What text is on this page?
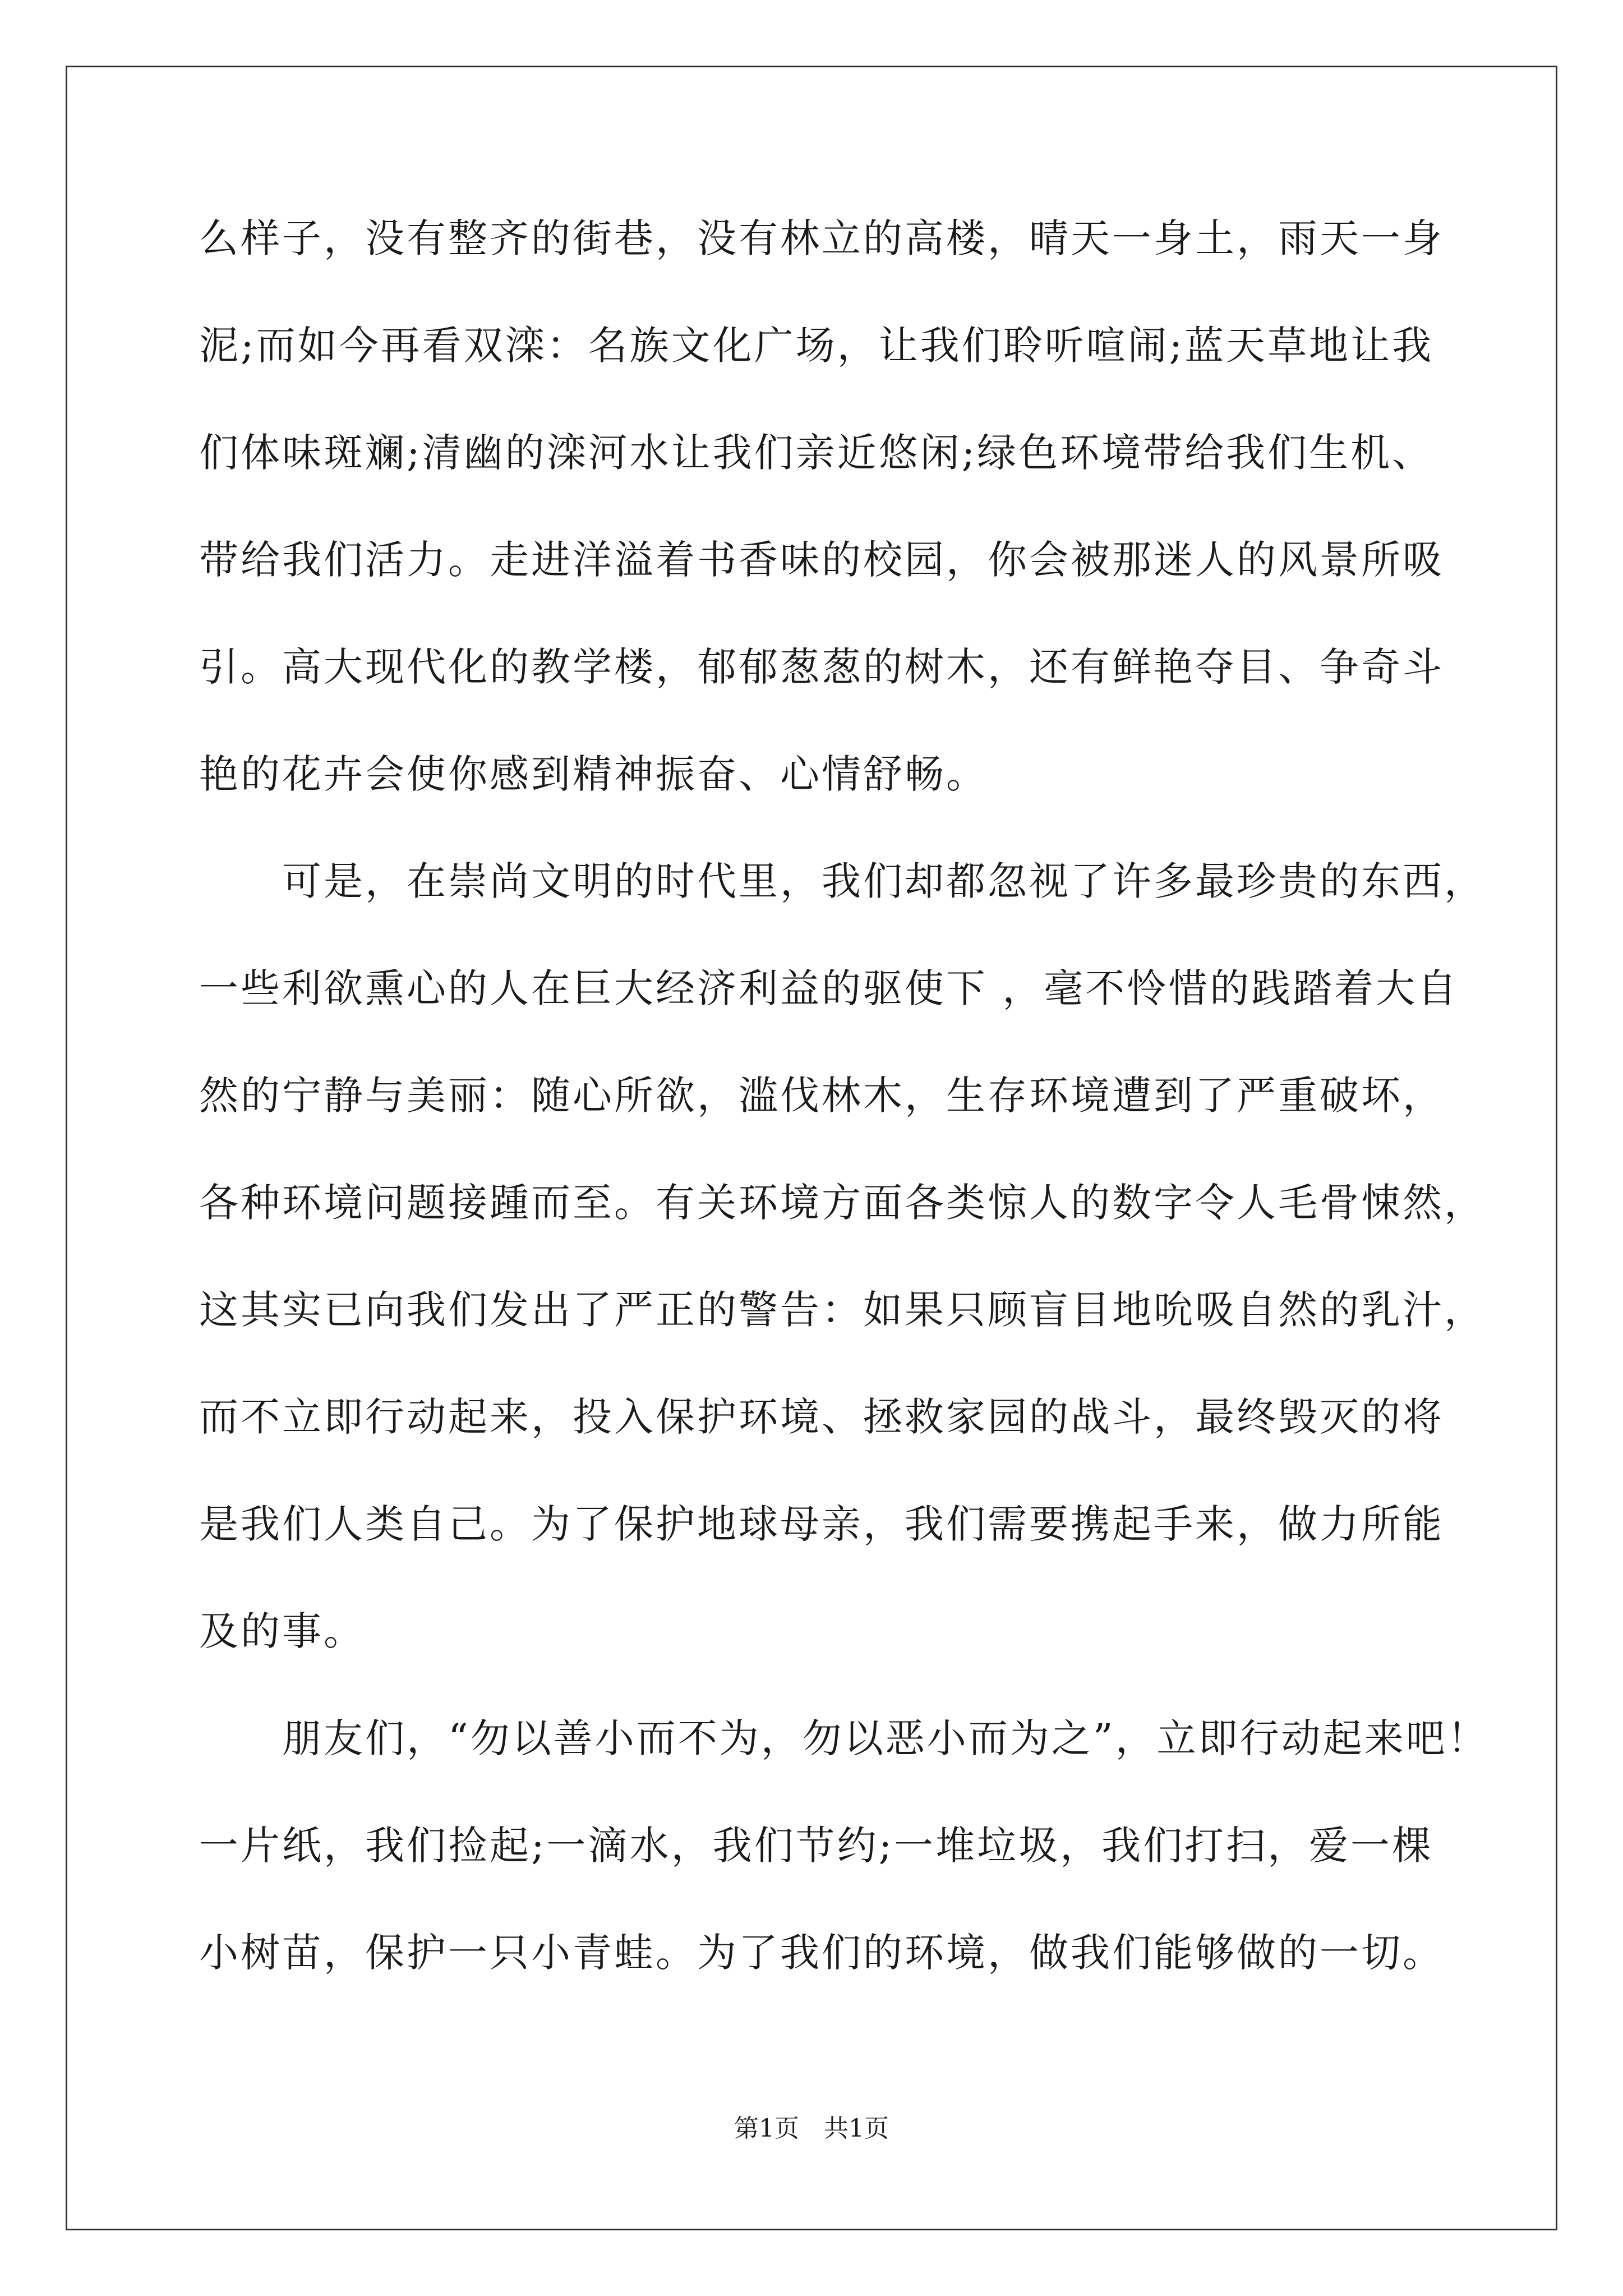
么样子，没有整齐的街巷，没有林立的高楼，晴天一身土，雨天一身
泥;而如今再看双滦：名族文化广场，让我们聆听喧闹;蓝天草地让我
们体味斑斓;清幽的滦河水让我们亲近悠闲;绿色环境带给我们生机、
带给我们活力。走进洋溢着书香味的校园，你会被那迷人的风景所吸
引。高大现代化的教学楼，郁郁葱葱的树木，还有鲜艳夺目、争奇斗
艳的花卉会使你感到精神振奋、心情舒畅。
　　可是，在崇尚文明的时代里，我们却都忽视了许多最珍贵的东西，
一些利欲熏心的人在巨大经济利益的驱使下 ，毫不怜惜的践踏着大自
然的宁静与美丽：随心所欲，滥伐林木，生存环境遭到了严重破坏，
各种环境问题接踵而至。有关环境方面各类惊人的数字令人毛骨悚然，
这其实已向我们发出了严正的警告：如果只顾盲目地吮吸自然的乳汁，
而不立即行动起来，投入保护环境、拯救家园的战斗，最终毁灭的将
是我们人类自己。为了保护地球母亲，我们需要携起手来，做力所能
及的事。
　　朋友们，“勿以善小而不为，勿以恶小而为之”，立即行动起来吧！
一片纸，我们捡起;一滴水，我们节约;一堆垃圾，我们打扫，爱一棵
小树苗，保护一只小青蛙。为了我们的环境，做我们能够做的一切。
第1页　共1页
